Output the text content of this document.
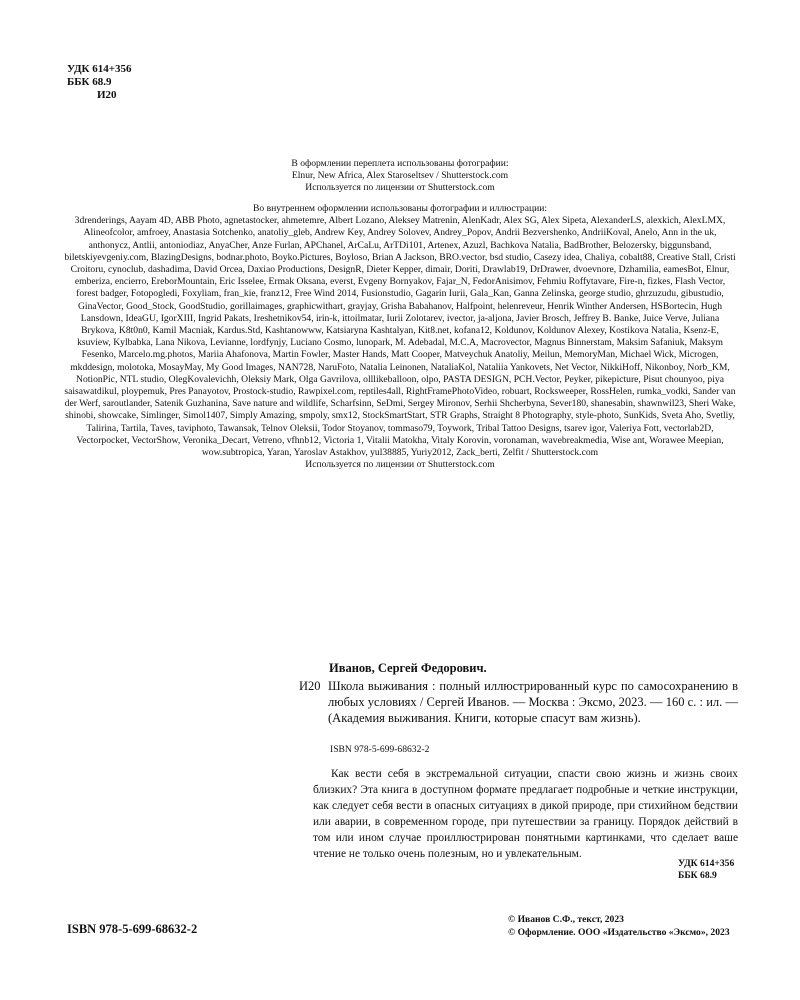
УДК 614+356
ББК 68.9
И20
В оформлении переплета использованы фотографии:
Elnur, New Africa, Alex Staroseltsev / Shutterstock.com
Используется по лицензии от Shutterstock.com
Во внутреннем оформлении использованы фотографии и иллюстрации:
3drenderings, Aayam 4D, ABB Photo, agnetastocker, ahmetemre, Albert Lozano, Aleksey Matrenin, AlenKadr, Alex SG, Alex Sipeta, AlexanderLS, alexkich, AlexLMX, Alineofcolor, amfroey, Anastasia Sotchenko, anatoliy_gleb, Andrew Key, Andrey Solovev, Andrey_Popov, Andrii Bezvershenko, AndriiKoval, Anelo, Ann in the uk, anthonycz, Antlii, antoniodiaz, AnyaCher, Anze Furlan, APChanel, ArCaLu, ArTDi101, Artenex, Azuzl, Bachkova Natalia, BadBrother, Belozersky, biggunsband, biletskiyevgeniy.com, BlazingDesigns, bodnar.photo, Boyko.Pictures, Boyloso, Brian A Jackson, BRO.vector, bsd studio, Casezy idea, Chaliya, cobalt88, Creative Stall, Cristi Croitoru, cynoclub, dashadima, David Orcea, Daxiao Productions, DesignR, Dieter Kepper, dimair, Doriti, Drawlab19, DrDrawer, dvoevnore, Dzhamilia, eamesBot, Elnur, emberiza, encierro, EreborMountain, Eric Isselee, Ermak Oksana, everst, Evgeny Bornyakov, Fajar_N, FedorAnisimov, Fehmiu Roffytavare, Fire-n, fizkes, Flash Vector, forest badger, Fotopogledi, Foxyliam, fran_kie, franz12, Free Wind 2014, Fusionstudio, Gagarin Iurii, Gala_Kan, Ganna Zelinska, george studio, ghrzuzudu, gibustudio, GinaVector, Good_Stock, GoodStudio, gorillaimages, graphicwithart, grayjay, Grisha Babahanov, Halfpoint, helenreveur, Henrik Winther Andersen, HSBortecin, Hugh Lansdown, IdeaGU, IgorXIII, Ingrid Pakats, Ireshetnikov54, irin-k, ittoilmatar, Iurii Zolotarev, ivector, ja-aljona, Javier Brosch, Jeffrey B. Banke, Juice Verve, Juliana Brykova, K8t0n0, Kamil Macniak, Kardus.Std, Kashtanowww, Katsiaryna Kashtalyan, Kit8.net, kofana12, Koldunov, Koldunov Alexey, Kostikova Natalia, Ksenz-E, ksuview, Kylbabka, Lana Nikova, Levianne, lordfynjy, Luciano Cosmo, lunopark, M. Adebadal, M.C.A, Macrovector, Magnus Binnerstam, Maksim Safaniuk, Maksym Fesenko, Marcelo.mg.photos, Mariia Ahafonova, Martin Fowler, Master Hands, Matt Cooper, Matveychuk Anatoliy, Meilun, MemoryMan, Michael Wick, Microgen, mkddesign, molotoka, MosayMay, My Good Images, NAN728, NaruFoto, Natalia Leinonen, NataliaKol, Nataliia Yankovets, Net Vector, NikkiHoff, Nikonboy, Norb_KM, NotionPic, NTL studio, OlegKovalevichh, Oleksiy Mark, Olga Gavrilova, olllikeballoon, olpo, PASTA DESIGN, PCH.Vector, Peyker, pikepicture, Pisut chounyoo, piya saisawatdikul, ploypemuk, Pres Panayotov, Prostock-studio, Rawpixel.com, reptiles4all, RightFramePhotoVideo, robuart, Rocksweeper, RossHelen, rumka_vodki, Sander van der Werf, saroutlander, Satenik Guzhanina, Save nature and wildlife, Scharfsinn, SeDmi, Sergey Mironov, Serhii Shcherbyna, Sever180, shanesabin, shawnwil23, Sheri Wake, shinobi, showcake, Simlinger, Simol1407, Simply Amazing, smpoly, smx12, StockSmartStart, STR Graphs, Straight 8 Photography, style-photo, SunKids, Sveta Aho, Svetliy, Talirina, Tartila, Taves, taviphoto, Tawansak, Telnov Oleksii, Todor Stoyanov, tommaso79, Toywork, Tribal Tattoo Designs, tsarev igor, Valeriya Fott, vectorlab2D, Vectorpocket, VectorShow, Veronika_Decart, Vetreno, vfhnb12, Victoria 1, Vitalii Matokha, Vitaly Korovin, voronaman, wavebreakmedia, Wise ant, Worawee Meepian, wow.subtropica, Yaran, Yaroslav Astakhov, yul38885, Yuriy2012, Zack_berti, Zelfit / Shutterstock.com
Используется по лицензии от Shutterstock.com
Иванов, Сергей Федорович.
И20 Школа выживания : полный иллюстрированный курс по самосохранению в любых условиях / Сергей Иванов. — Москва : Эксмо, 2023. — 160 с. : ил. — (Академия выживания. Книги, которые спасут вам жизнь).

ISBN 978-5-699-68632-2

Как вести себя в экстремальной ситуации, спасти свою жизнь и жизнь своих близких? Эта книга в доступном формате предлагает подробные и четкие инструкции, как следует себя вести в опасных ситуациях в дикой природе, при стихийном бедствии или аварии, в современном городе, при путешествии за границу. Порядок действий в том или ином случае проиллюстрирован понятными картинками, что сделает ваше чтение не только очень полезным, но и увлекательным.

УДК 614+356
ББК 68.9
ISBN 978-5-699-68632-2
© Иванов С.Ф., текст, 2023
© Оформление. ООО «Издательство «Эксмо», 2023
